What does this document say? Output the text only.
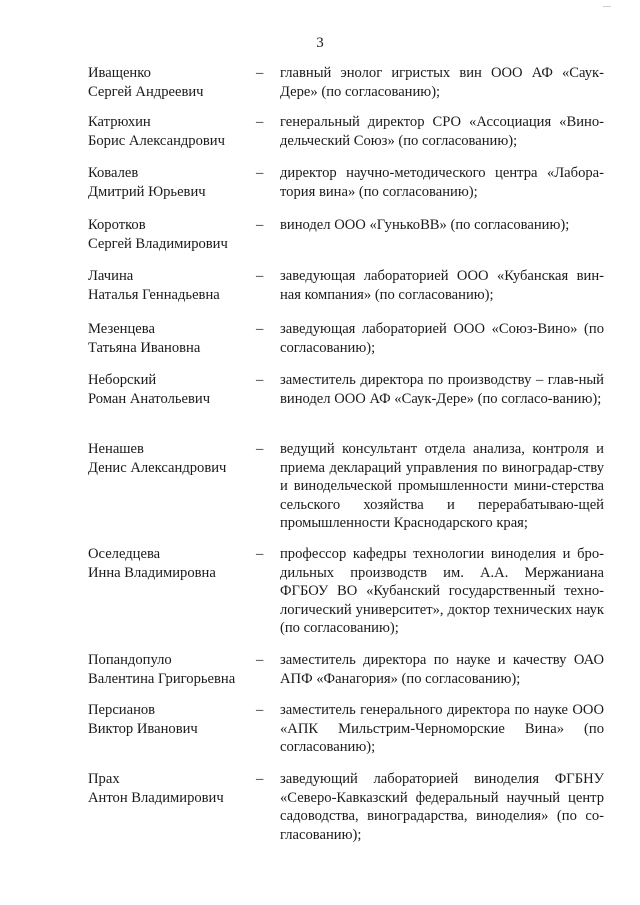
3
Иващенко
Сергей Андреевич
–	главный энолог игристых вин ООО АФ «Саук-Дере» (по согласованию);
Катрюхин
Борис Александрович
–	генеральный директор СРО «Ассоциация «Вино-дельческий Союз» (по согласованию);
Ковалев
Дмитрий Юрьевич
–	директор научно-методического центра «Лабора-тория вина» (по согласованию);
Коротков
Сергей Владимирович
–	винодел ООО «ГунькоВВ» (по согласованию);
Лачина
Наталья Геннадьевна
–	заведующая лабораторией ООО «Кубанская вин-ная компания» (по согласованию);
Мезенцева
Татьяна Ивановна
–	заведующая лабораторией ООО «Союз-Вино» (по согласованию);
Неборский
Роман Анатольевич
–	заместитель директора по производству – глав-ный винодел ООО АФ «Саук-Дере» (по согласо-ванию);
Ненашев
Денис Александрович
–	ведущий консультант отдела анализа, контроля и приема деклараций управления по виноградар-ству и винодельческой промышленности мини-стерства сельского хозяйства и перерабатываю-щей промышленности Краснодарского края;
Оселедцева
Инна Владимировна
–	профессор кафедры технологии виноделия и бро-дильных производств им. А.А. Мержаниана ФГБОУ ВО «Кубанский государственный техно-логический университет», доктор технических наук (по согласованию);
Попандопуло
Валентина Григорьевна
–	заместитель директора по науке и качеству ОАО АПФ «Фанагория» (по согласованию);
Персианов
Виктор Иванович
–	заместитель генерального директора по науке ООО «АПК Мильстрим-Черноморские Вина» (по согласованию);
Прах
Антон Владимирович
–	заведующий лабораторией виноделия ФГБНУ «Северо-Кавказский федеральный научный центр садоводства, виноградарства, виноделия» (по со-гласованию);
